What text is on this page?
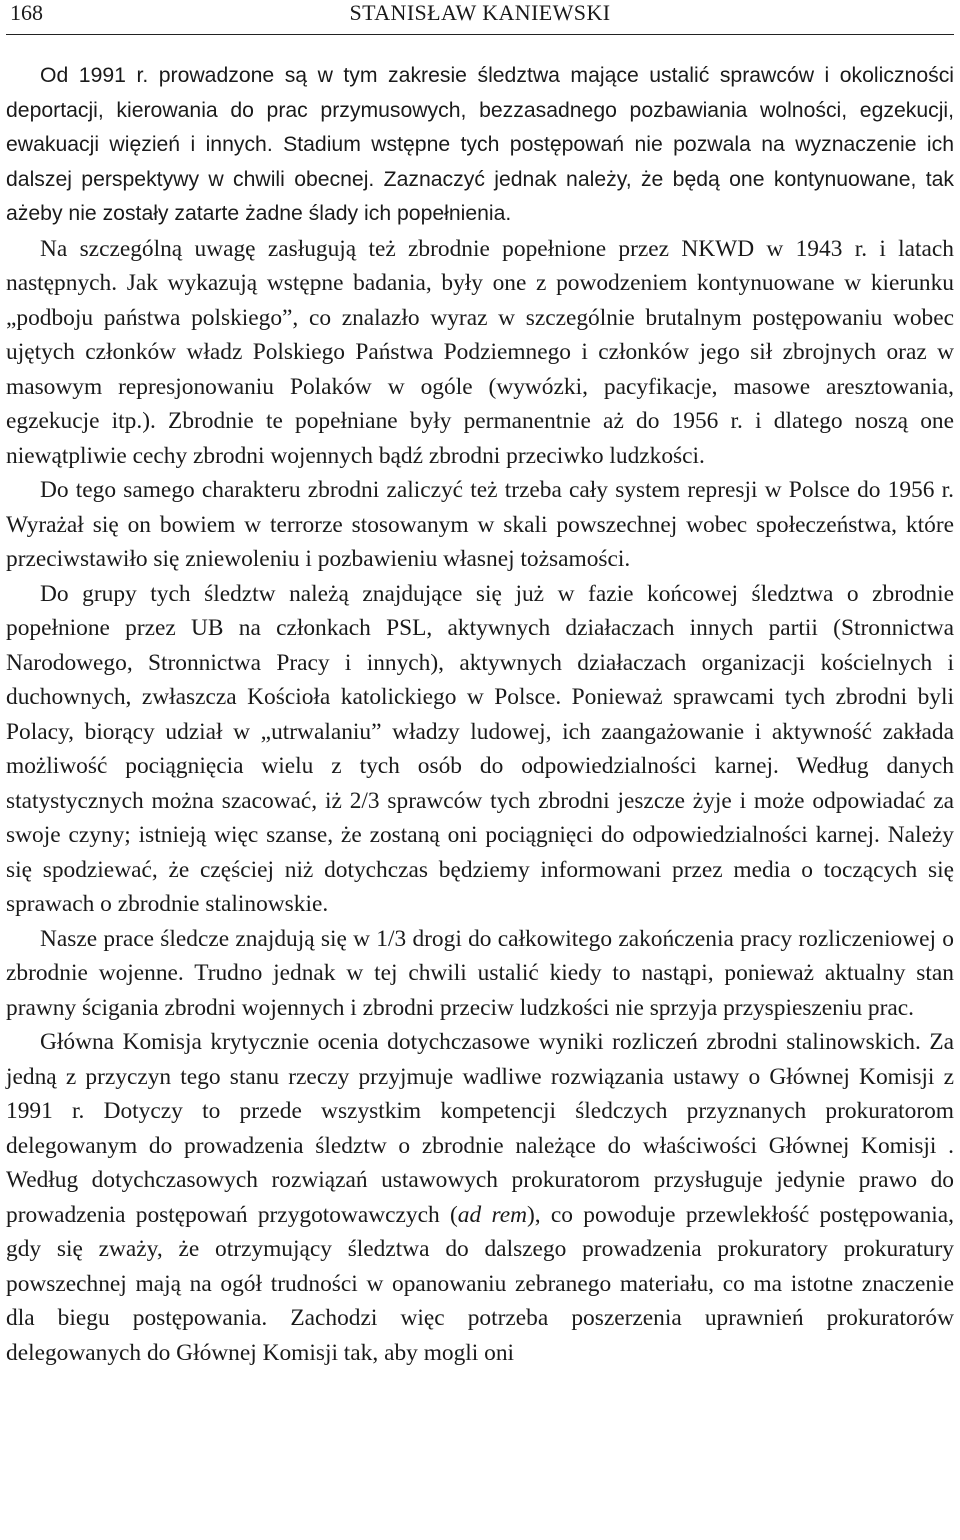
168	STANISŁAW KANIEWSKI

Od 1991 r. prowadzone są w tym zakresie śledztwa mające ustalić sprawców i okoliczności deportacji, kierowania do prac przymusowych, bezzasadnego pozbawiania wolności, egzekucji, ewakuacji więzień i innych. Stadium wstępne tych postępowań nie pozwala na wyznaczenie ich dalszej perspektywy w chwili obecnej. Zaznaczyć jednak należy, że będą one kontynuowane, tak ażeby nie zostały zatarte żadne ślady ich popełnienia.

Na szczególną uwagę zasługują też zbrodnie popełnione przez NKWD w 1943 r. i latach następnych. Jak wykazują wstępne badania, były one z powodzeniem kontynuowane w kierunku „podboju państwa polskiego”, co znalazło wyraz w szczególnie brutalnym postępowaniu wobec ujętych członków władz Polskiego Państwa Podziemnego i członków jego sił zbrojnych oraz w masowym represjonowaniu Polaków w ogóle (wywózki, pacyfikacje, masowe aresztowania, egzekucje itp.). Zbrodnie te popełniane były permanentnie aż do 1956 r. i dlatego noszą one niewątpliwie cechy zbrodni wojennych bądź zbrodni przeciwko ludzkości.

Do tego samego charakteru zbrodni zaliczyć też trzeba cały system represji w Polsce do 1956 r. Wyrażał się on bowiem w terrorze stosowanym w skali powszechnej wobec społeczeństwa, które przeciwstawiło się zniewoleniu i pozbawieniu własnej tożsamości.

Do grupy tych śledztw należą znajdujące się już w fazie końcowej śledztwa o zbrodnie popełnione przez UB na członkach PSL, aktywnych działaczach innych partii (Stronnictwa Narodowego, Stronnictwa Pracy i innych), aktywnych działaczach organizacji kościelnych i duchownych, zwłaszcza Kościoła katolickiego w Polsce. Ponieważ sprawcami tych zbrodni byli Polacy, biorący udział w „utrwalaniu” władzy ludowej, ich zaangażowanie i aktywność zakłada możliwość pociągnięcia wielu z tych osób do odpowiedzialności karnej. Według danych statystycznych można szacować, iż 2/3 sprawców tych zbrodni jeszcze żyje i może odpowiadać za swoje czyny; istnieją więc szanse, że zostaną oni pociągnięci do odpowiedzialności karnej. Należy się spodziewać, że częściej niż dotychczas będziemy informowani przez media o toczących się sprawach o zbrodnie stalinowskie.

Nasze prace śledcze znajdują się w 1/3 drogi do całkowitego zakończenia pracy rozliczeniowej o zbrodnie wojenne. Trudno jednak w tej chwili ustalić kiedy to nastąpi, ponieważ aktualny stan prawny ścigania zbrodni wojennych i zbrodni przeciw ludzkości nie sprzyja przyspieszeniu prac.

Główna Komisja krytycznie ocenia dotychczasowe wyniki rozliczeń zbrodni stalinowskich. Za jedną z przyczyn tego stanu rzeczy przyjmuje wadliwe rozwiązania ustawy o Głównej Komisji z 1991 r. Dotyczy to przede wszystkim kompetencji śledczych przyznanych prokuratorom delegowanym do prowadzenia śledztw o zbrodnie należące do właściwości Głównej Komisji . Według dotychczasowych rozwiązań ustawowych prokuratorom przysługuje jedynie prawo do prowadzenia postępowań przygotowawczych (ad rem), co powoduje przewlekłość postępowania, gdy się zważy, że otrzymujący śledztwa do dalszego prowadzenia prokuratory prokuratury powszechnej mają na ogół trudności w opanowaniu zebranego materiału, co ma istotne znaczenie dla biegu postępowania. Zachodzi więc potrzeba poszerzenia uprawnień prokuratorów delegowanych do Głównej Komisji tak, aby mogli oni
